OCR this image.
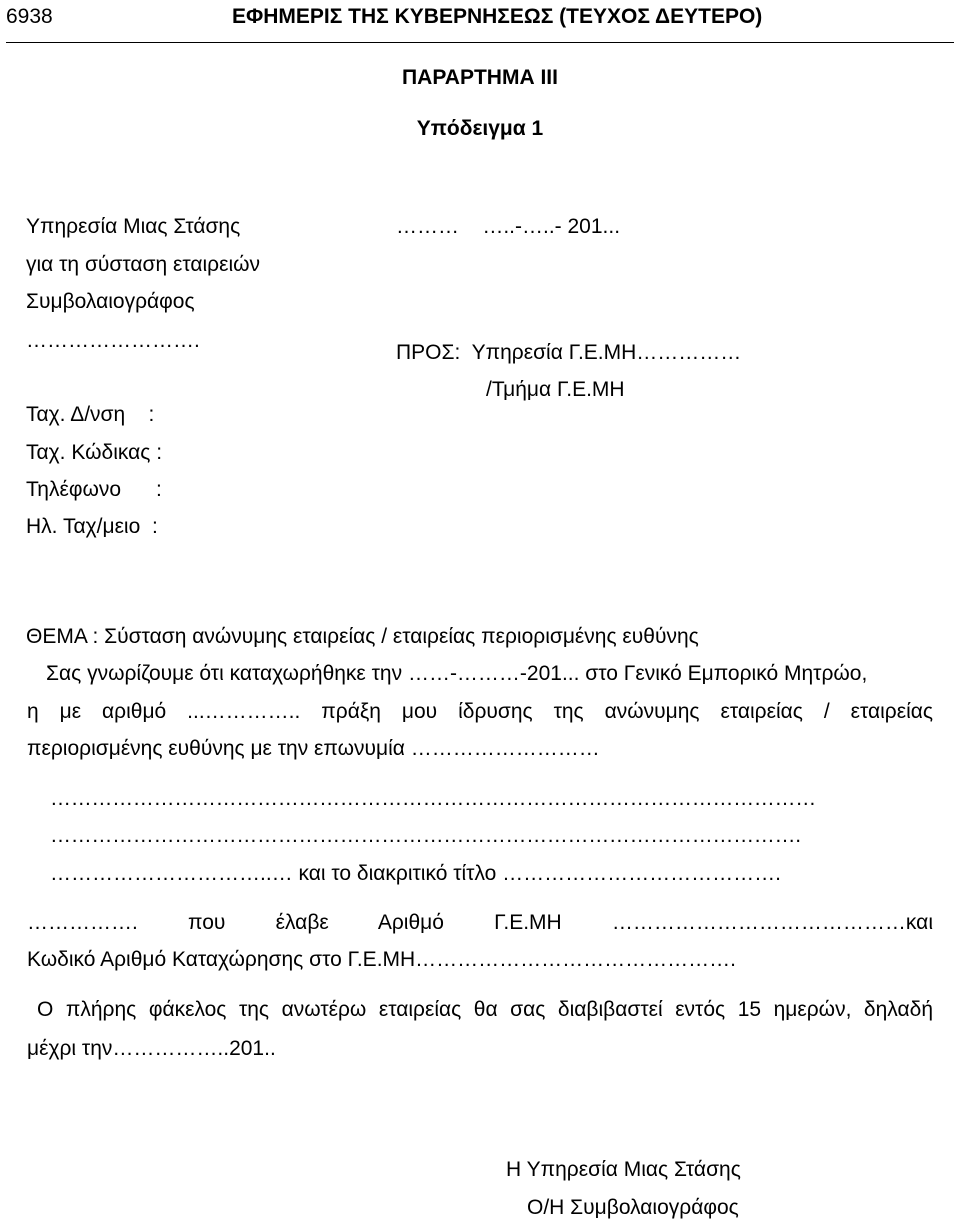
6938	ΕΦΗΜΕΡΙΣ ΤΗΣ ΚΥΒΕΡΝΗΣΕΩΣ (ΤΕΥΧΟΣ ΔΕΥΤΕΡΟ)
ΠΑΡΑΡΤΗΜΑ ΙΙΙ
Υπόδειγμα 1
Υπηρεσία Μιας Στάσης
για τη σύσταση εταιρειών
Συμβολαιογράφος
…………………….
Ταχ. Δ/νση    :
Ταχ. Κώδικας :
Τηλέφωνο      :
Ηλ. Ταχ/μειο  :
………    …..-…..- 201...
ΠΡΟΣ:  Υπηρεσία Γ.Ε.ΜΗ……………
/Τμήμα Γ.Ε.ΜΗ
ΘΕΜΑ : Σύσταση ανώνυμης εταιρείας / εταιρείας περιορισμένης ευθύνης
Σας γνωρίζουμε ότι καταχωρήθηκε την ……-………-201... στο Γενικό Εμπορικό Μητρώο,
η με αριθμό ...………….. πράξη μου ίδρυσης της ανώνυμης εταιρείας / εταιρείας
περιορισμένης ευθύνης με την επωνυμία ………………………
…………………………………………………………………………………………………
……………………………………………………………………………………………….
…………………………..… και το διακριτικό τίτλο ………………………………….
……………. που έλαβε Αριθμό Γ.Ε.ΜΗ ……………………………………και
Κωδικό Αριθμό Καταχώρησης στο Γ.Ε.ΜΗ……………………………………….
Ο πλήρης φάκελος της ανωτέρω εταιρείας θα σας διαβιβαστεί εντός 15 ημερών, δηλαδή
μέχρι την……………..201..
Η Υπηρεσία Μιας Στάσης
Ο/Η Συμβολαιογράφος
